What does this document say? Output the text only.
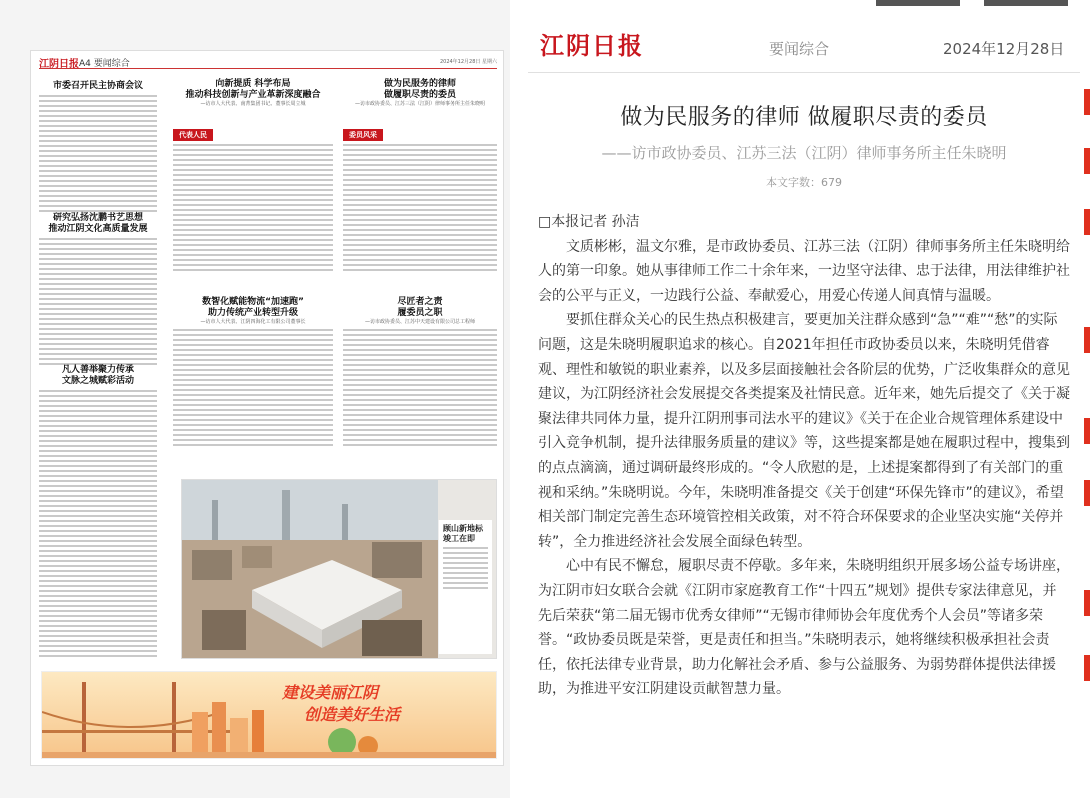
江阴日报 A4 要闻综合	2024年12月28日 星期六
市委召开民主协商会议
研究弘扬沈鹏书艺思想
推动江阴文化高质量发展
凡人善举聚力传承
文脉之城赋彩活动
向新提质 科学布局
推动科技创新与产业革新深度融合
—访市人大代表、南菁集团书记、董事长周立城
代表人民
做为民服务的律师
做履职尽责的委员
—访市政协委员、江苏三法（江阴）律师事务所主任朱晓明
委员风采
数智化赋能物流“加速跑”
助力传统产业转型升级
—访市人大代表、江阴四海化工有限公司董事长
尽匠者之责
履委员之职
—访市政协委员、江苏中天建设有限公司总工程师
顾山新地标
竣工在即
建设美丽江阴
创造美好生活
江阴日报	要闻综合	2024年12月28日
做为民服务的律师 做履职尽责的委员
——访市政协委员、江苏三法（江阴）律师事务所主任朱晓明
本文字数：679

□本报记者 孙洁

文质彬彬，温文尔雅，是市政协委员、江苏三法（江阴）律师事务所主任朱晓明给人的第一印象。她从事律师工作二十余年来，一边坚守法律、忠于法律，用法律维护社会的公平与正义，一边践行公益、奉献爱心，用爱心传递人间真情与温暖。

要抓住群众关心的民生热点积极建言，要更加关注群众感到“急”“难”“愁”的实际问题，这是朱晓明履职追求的核心。自2021年担任市政协委员以来，朱晓明凭借睿观、理性和敏锐的职业素养，以及多层面接触社会各阶层的优势，广泛收集群众的意见建议，为江阴经济社会发展提交各类提案及社情民意。近年来，她先后提交了《关于凝聚法律共同体力量，提升江阴刑事司法水平的建议》《关于在企业合规管理体系建设中引入竞争机制，提升法律服务质量的建议》等，这些提案都是她在履职过程中，搜集到的点点滴滴，通过调研最终形成的。“令人欣慰的是，上述提案都得到了有关部门的重视和采纳。”朱晓明说。今年，朱晓明准备提交《关于创建“环保先锋市”的建议》，希望相关部门制定完善生态环境管控相关政策，对不符合环保要求的企业坚决实施“关停并转”，全力推进经济社会发展全面绿色转型。

心中有民不懈怠，履职尽责不停歇。多年来，朱晓明组织开展多场公益专场讲座，为江阴市妇女联合会就《江阴市家庭教育工作“十四五”规划》提供专家法律意见，并先后荣获“第二届无锡市优秀女律师”“无锡市律师协会年度优秀个人会员”等诸多荣誉。“政协委员既是荣誉，更是责任和担当。”朱晓明表示，她将继续积极承担社会责任，依托法律专业背景，助力化解社会矛盾、参与公益服务、为弱势群体提供法律援助，为推进平安江阴建设贡献智慧力量。
